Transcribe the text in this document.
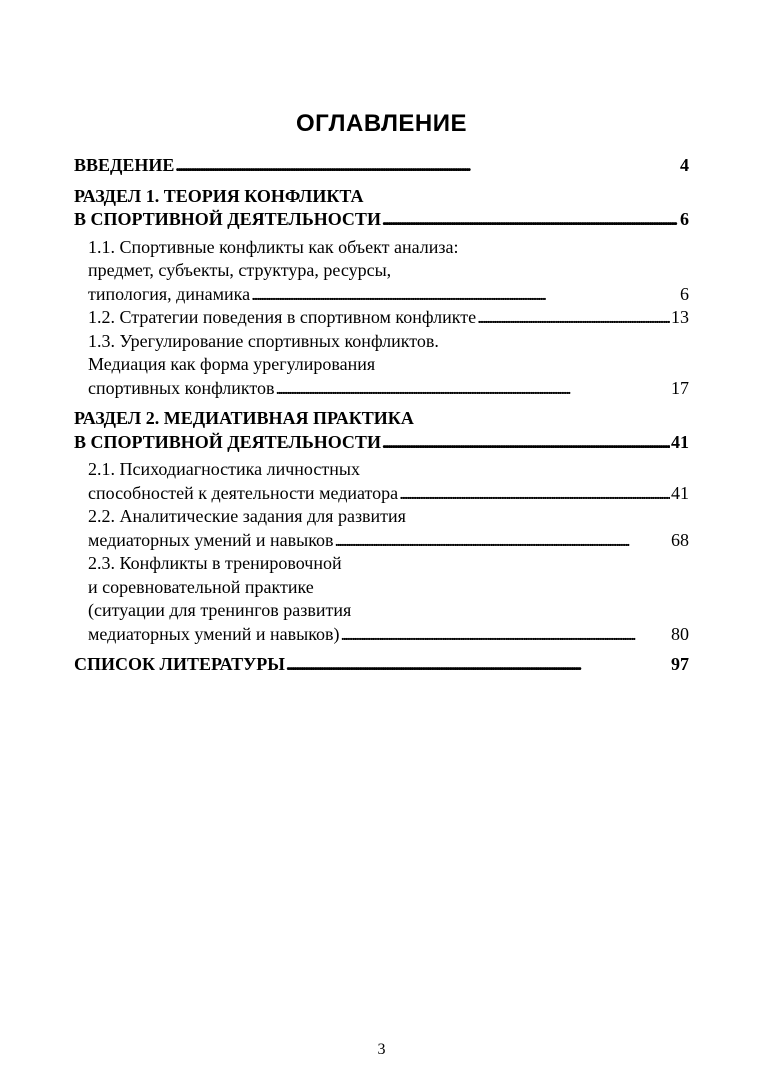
ОГЛАВЛЕНИЕ
ВВЕДЕНИЕ . . .	4
РАЗДЕЛ 1. ТЕОРИЯ КОНФЛИКТА
В СПОРТИВНОЙ ДЕЯТЕЛЬНОСТИ . . .	6
1.1. Спортивные конфликты как объект анализа:
предмет, субъекты, структура, ресурсы,
типология, динамика . . .	6
1.2. Стратегии поведения в спортивном конфликте . . .	13
1.3. Урегулирование спортивных конфликтов.
Медиация как форма урегулирования
спортивных конфликтов . . .	17
РАЗДЕЛ 2. МЕДИАТИВНАЯ ПРАКТИКА
В СПОРТИВНОЙ ДЕЯТЕЛЬНОСТИ . . .	41
2.1. Психодиагностика личностных
способностей к деятельности медиатора . . .	41
2.2. Аналитические задания для развития
медиаторных умений и навыков . . .	68
2.3. Конфликты в тренировочной
и соревновательной практике
(ситуации для тренингов развития
медиаторных умений и навыков) . . .	80
СПИСОК ЛИТЕРАТУРЫ . . .	97
3
